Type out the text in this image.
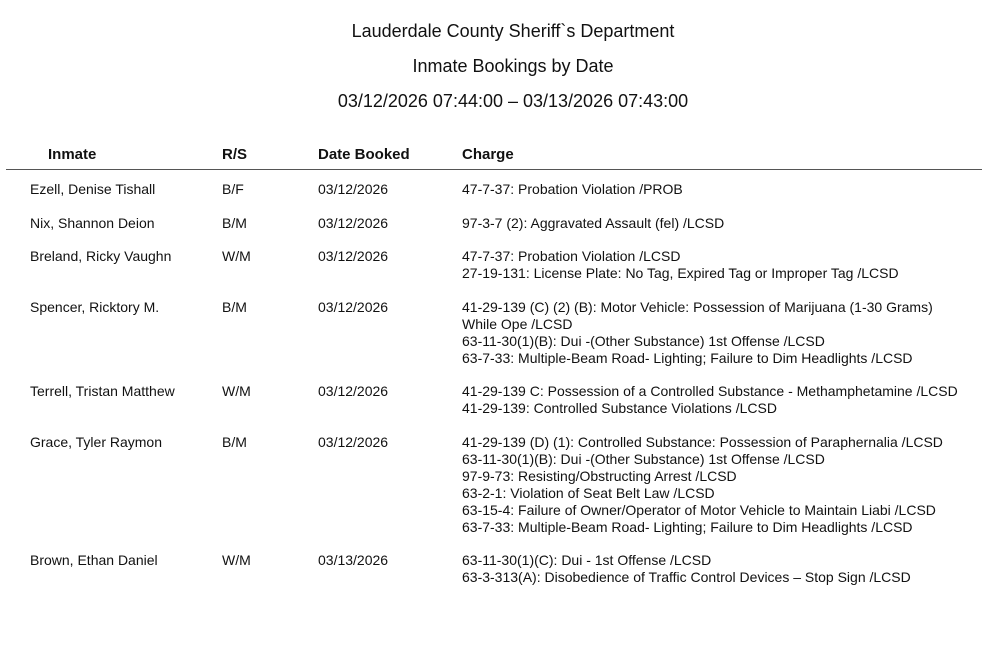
Lauderdale County Sheriff`s Department
Inmate Bookings by Date
03/12/2026 07:44:00 – 03/13/2026 07:43:00
Inmate	R/S	Date Booked	Charge
Ezell, Denise Tishall	B/F	03/12/2026	47-7-37: Probation Violation /PROB
Nix, Shannon Deion	B/M	03/12/2026	97-3-7 (2): Aggravated Assault (fel) /LCSD
Breland, Ricky Vaughn	W/M	03/12/2026	47-7-37: Probation Violation /LCSD
27-19-131: License Plate: No Tag, Expired Tag or Improper Tag /LCSD
Spencer, Ricktory M.	B/M	03/12/2026	41-29-139 (C) (2) (B): Motor Vehicle: Possession of Marijuana (1-30 Grams)
While Ope /LCSD
63-11-30(1)(B): Dui -(Other Substance) 1st Offense /LCSD
63-7-33: Multiple-Beam Road- Lighting; Failure to Dim Headlights /LCSD
Terrell, Tristan Matthew	W/M	03/12/2026	41-29-139 C: Possession of a Controlled Substance - Methamphetamine /LCSD
41-29-139: Controlled Substance Violations /LCSD
Grace, Tyler Raymon	B/M	03/12/2026	41-29-139 (D) (1): Controlled Substance: Possession of Paraphernalia /LCSD
63-11-30(1)(B): Dui -(Other Substance) 1st Offense /LCSD
97-9-73: Resisting/Obstructing Arrest /LCSD
63-2-1: Violation of Seat Belt Law /LCSD
63-15-4: Failure of Owner/Operator of Motor Vehicle to Maintain Liabi /LCSD
63-7-33: Multiple-Beam Road- Lighting; Failure to Dim Headlights /LCSD
Brown, Ethan Daniel	W/M	03/13/2026	63-11-30(1)(C): Dui - 1st Offense /LCSD
63-3-313(A): Disobedience of Traffic Control Devices – Stop Sign /LCSD
